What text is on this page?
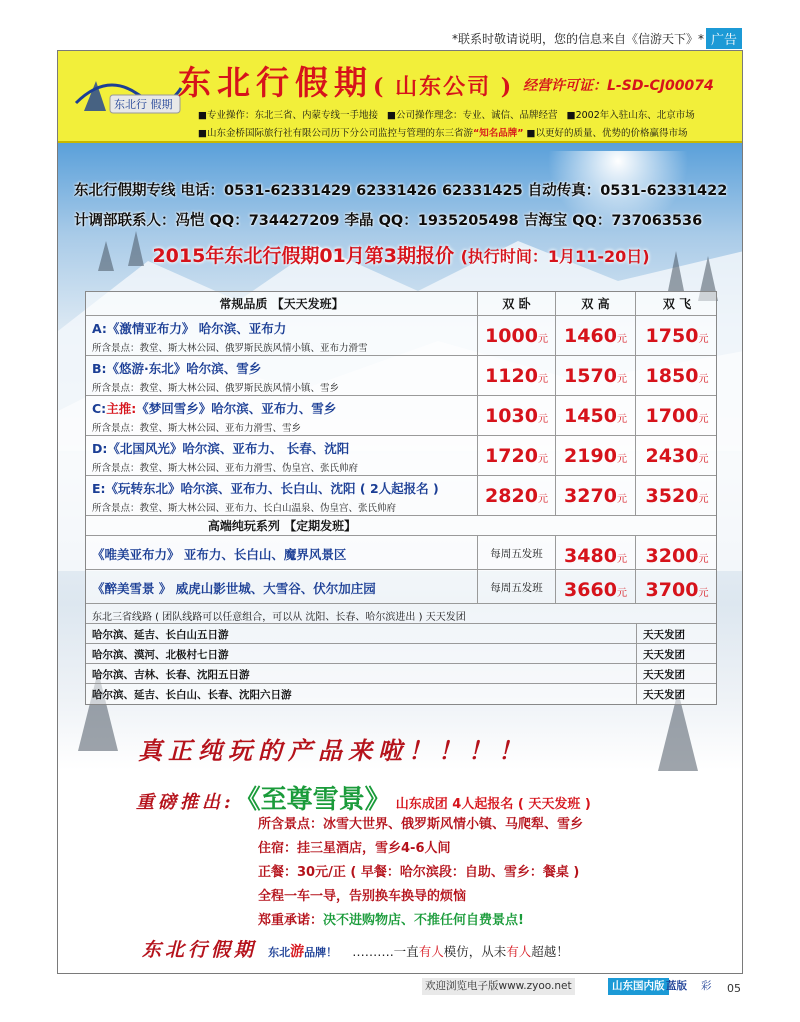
*联系时敬请说明，您的信息来自《信游天下》* 广告
东北行 假期
东北行假期( 山东公司 ) 经营许可证：L-SD-CJ00074
■专业操作：东北三省、内蒙专线一手地接 ■公司操作理念：专业、诚信、品牌经营 ■2002年入驻山东、北京市场
■山东金桥国际旅行社有限公司历下分公司监控与管理的东三省游“知名品牌” ■以更好的质量、优势的价格赢得市场
东北行假期专线 电话：0531-62331429 62331426 62331425 自动传真：0531-62331422
计调部联系人：冯恺 QQ：734427209 李晶 QQ：1935205498 吉海宝 QQ：737063536
2015年东北行假期01月第3期报价 (执行时间：1月11-20日)
常规品质 【天天发班】	双 卧	双 高	双 飞
A:《激情亚布力》 哈尔滨、亚布力
所含景点：教堂、斯大林公园、俄罗斯民族风情小镇、亚布力滑雪
1000元 1460元 1750元
B:《悠游·东北》哈尔滨、雪乡
所含景点：教堂、斯大林公园、俄罗斯民族风情小镇、雪乡
1120元 1570元 1850元
C:主推:《梦回雪乡》哈尔滨、亚布力、雪乡
所含景点：教堂、斯大林公园、亚布力滑雪、雪乡
1030元 1450元 1700元
D:《北国风光》哈尔滨、亚布力、 长春、沈阳
所含景点：教堂、斯大林公园、亚布力滑雪、伪皇宫、张氏帅府
1720元 2190元 2430元
E:《玩转东北》哈尔滨、亚布力、长白山、沈阳 ( 2人起报名 )
所含景点：教堂、斯大林公园、亚布力、长白山温泉、伪皇宫、张氏帅府
2820元 3270元 3520元
高端纯玩系列 【定期发班】
《唯美亚布力》 亚布力、长白山、魔界风景区	每周五发班	3480元 3200元
《醉美雪景 》 威虎山影世城、大雪谷、伏尔加庄园	每周五发班	3660元 3700元
东北三省线路 ( 团队线路可以任意组合，可以从 沈阳、长春、哈尔滨进出 ) 天天发团
哈尔滨、延吉、长白山五日游	天天发团
哈尔滨、漠河、北极村七日游	天天发团
哈尔滨、吉林、长春、沈阳五日游	天天发团
哈尔滨、延吉、长白山、长春、沈阳六日游	天天发团
真正纯玩的产品来啦！！！！
重磅推出:《至尊雪景》 山东成团 4人起报名 ( 天天发班 )
所含景点：冰雪大世界、俄罗斯风情小镇、马爬犁、雪乡
住宿：挂三星酒店，雪乡4-6人间
正餐：30元/正 ( 早餐：哈尔滨段：自助、雪乡：餐桌 )
全程一车一导，告别换车换导的烦恼
郑重承诺：决不进购物店、不推任何自费景点!
东北行假期 东北游品牌！ ……….一直有人模仿，从未有人超越！
欢迎浏览电子版www.zyoo.net	山东国内版 蓝版 彩 05
